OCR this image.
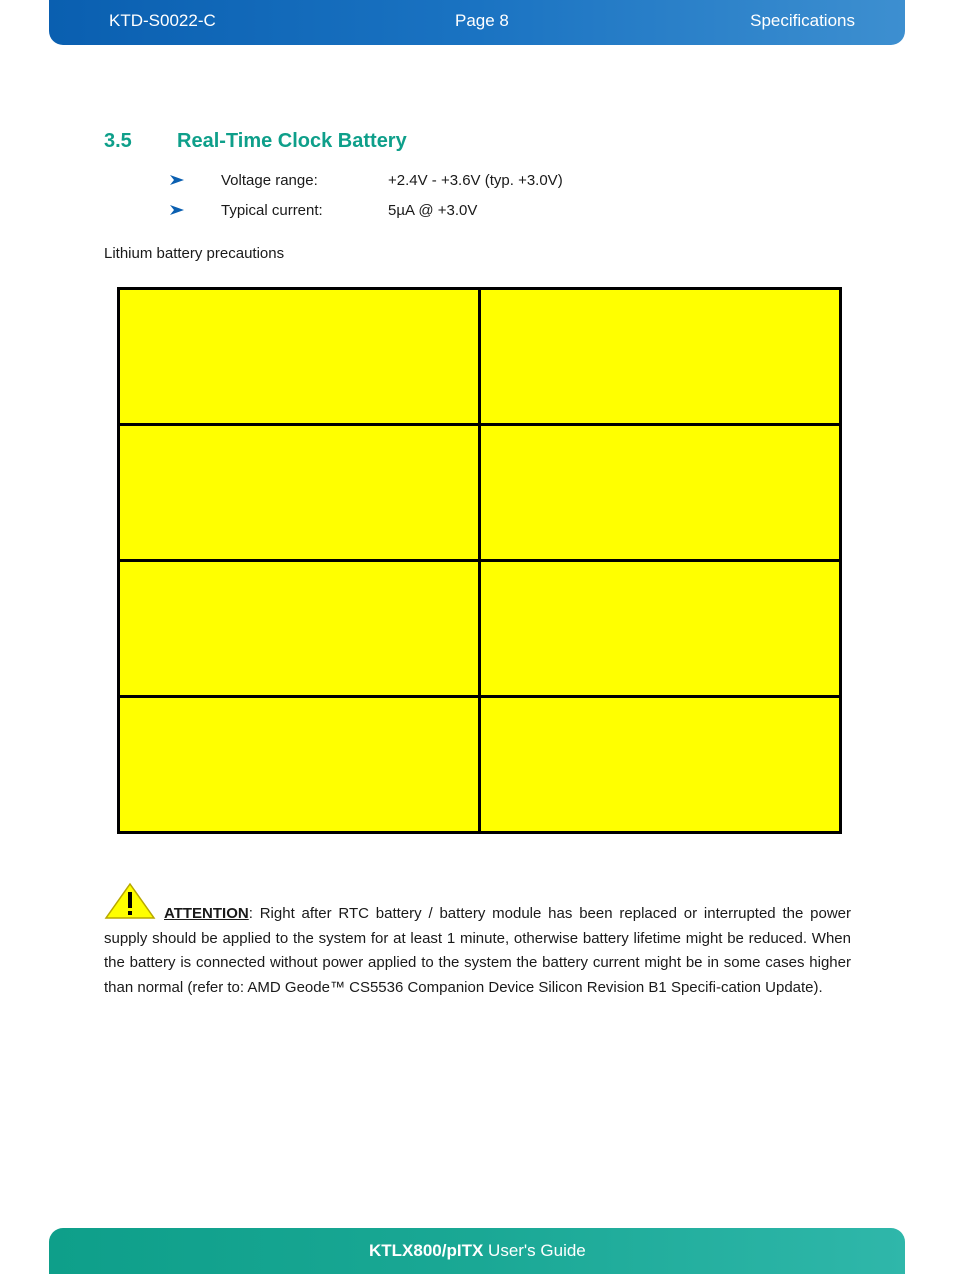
KTD-S0022-C	Page 8	Specifications
3.5 Real-Time Clock Battery
Voltage range:	+2.4V - +3.6V (typ. +3.0V)
Typical current:	5µA @ +3.0V
Lithium battery precautions

ATTENTION: Right after RTC battery / battery module has been replaced or interrupted the power supply should be applied to the system for at least 1 minute, otherwise battery lifetime might be reduced. When the battery is connected without power applied to the system the battery current might be in some cases higher than normal (refer to: AMD Geode™ CS5536 Companion Device Silicon Revision B1 Specifi-cation Update).

KTLX800/pITX User's Guide
